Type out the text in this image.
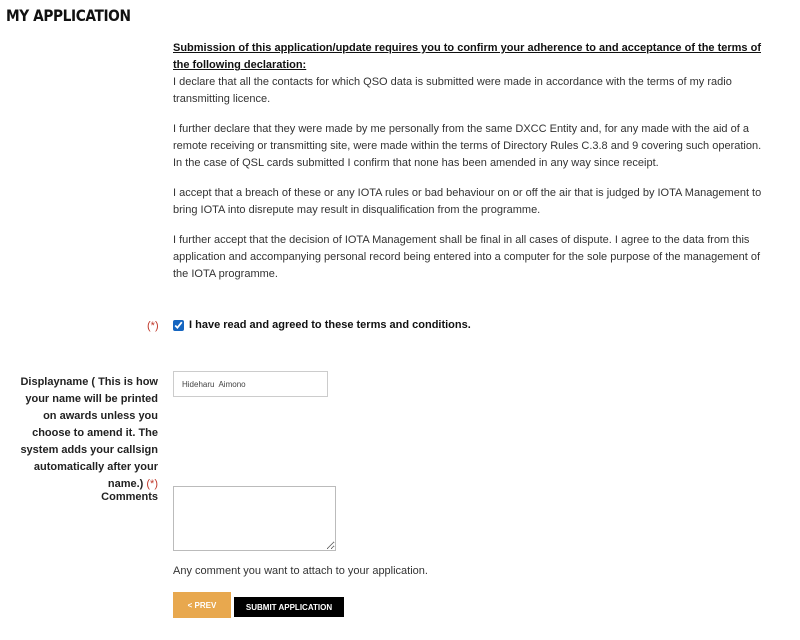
MY APPLICATION

Submission of this application/update requires you to confirm your adherence to and acceptance of the terms of the following declaration:

I declare that all the contacts for which QSO data is submitted were made in accordance with the terms of my radio transmitting licence.

I further declare that they were made by me personally from the same DXCC Entity and, for any made with the aid of a remote receiving or transmitting site, were made within the terms of Directory Rules C.3.8 and 9 covering such operation. In the case of QSL cards submitted I confirm that none has been amended in any way since receipt.

I accept that a breach of these or any IOTA rules or bad behaviour on or off the air that is judged by IOTA Management to bring IOTA into disrepute may result in disqualification from the programme.

I further accept that the decision of IOTA Management shall be final in all cases of dispute. I agree to the data from this application and accompanying personal record being entered into a computer for the sole purpose of the management of the IOTA programme.

(*)	I have read and agreed to these terms and conditions.
Displayname ( This is how your name will be printed on awards unless you choose to amend it. The system adds your callsign automatically after your name.) (*)
Hideharu Aimono
Comments
Any comment you want to attach to your application.
< PREV	SUBMIT APPLICATION
